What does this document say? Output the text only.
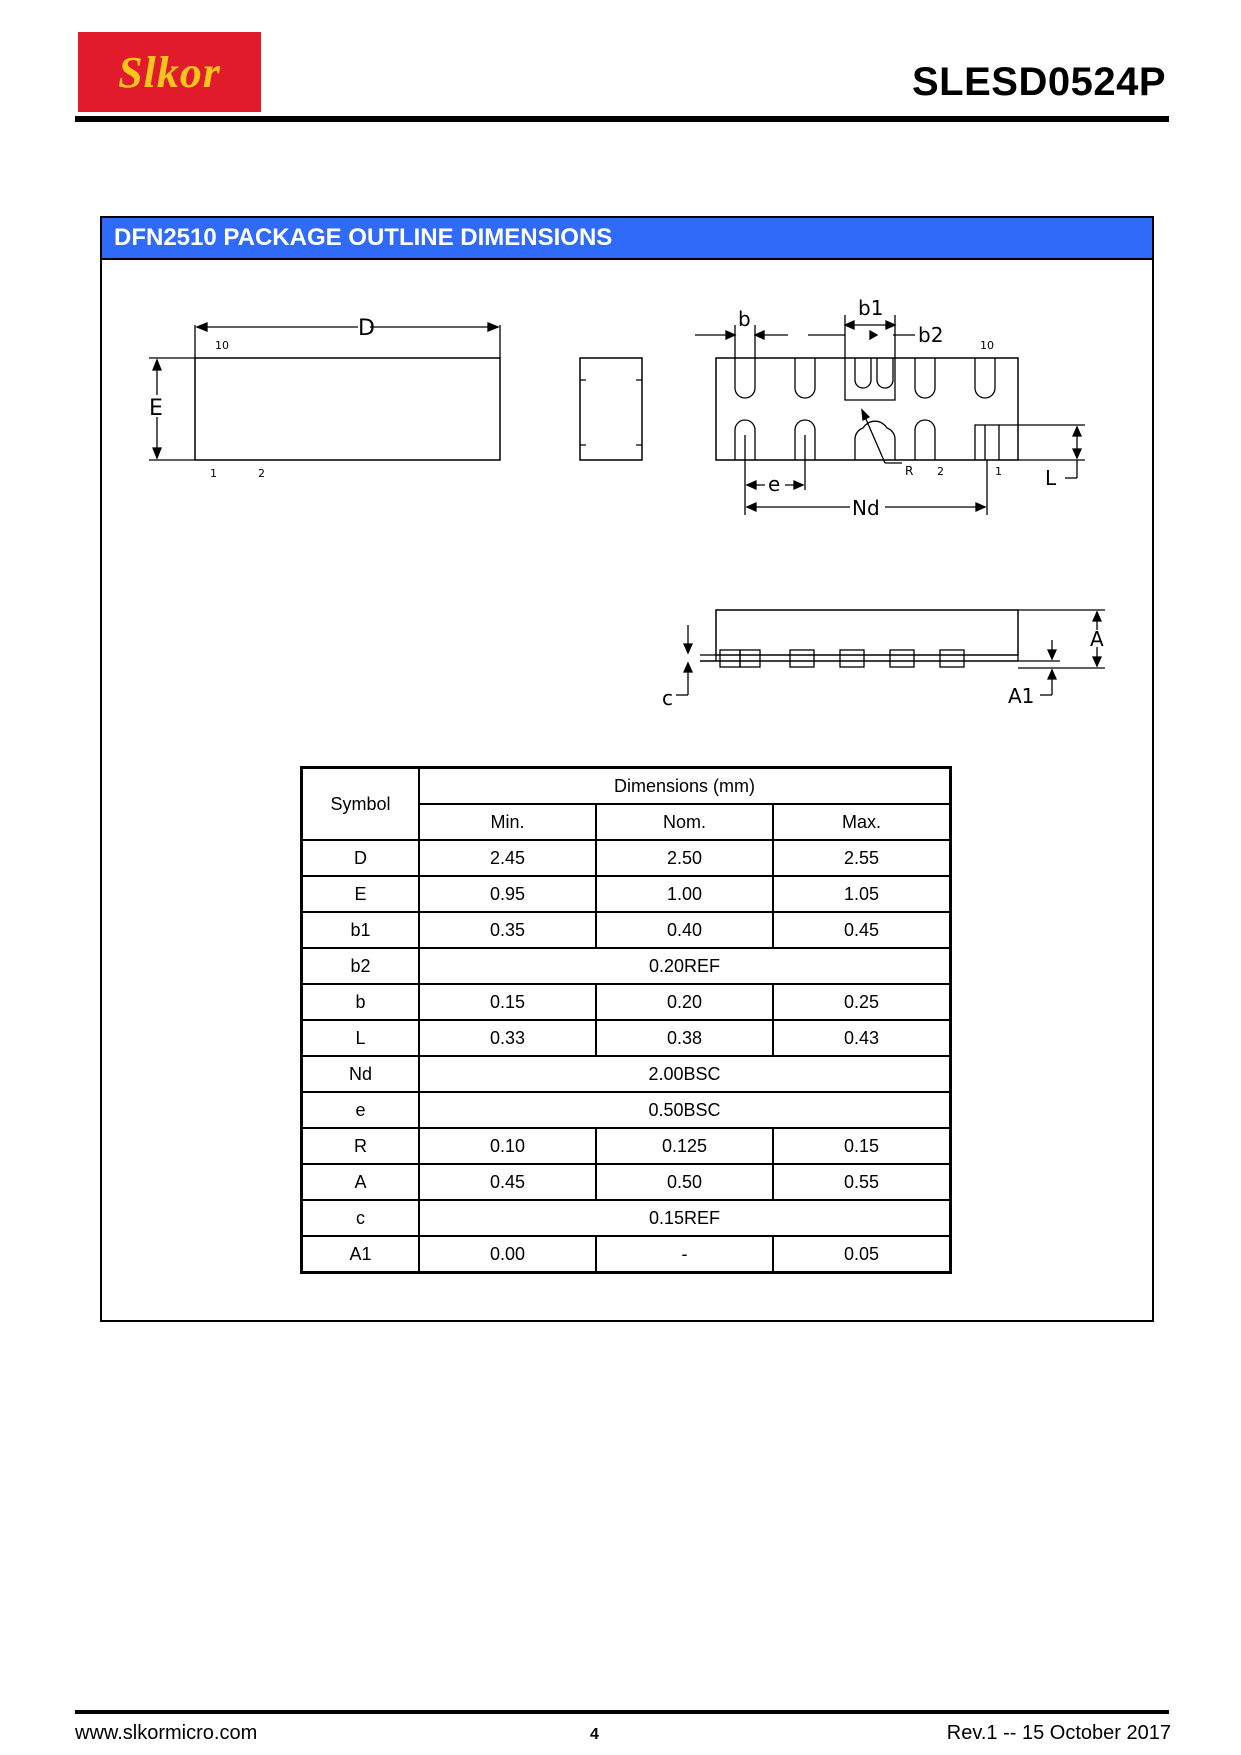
Slkor	SLESD0524P
DFN2510 PACKAGE OUTLINE DIMENSIONS
D
10
E
1	2
b	b1
b2	10
R 2	1 L
e
Nd
A
A1
c
Symbol	Dimensions (mm)		
	Min.	Nom.	Max.
D	2.45	2.50	2.55
E	0.95	1.00	1.05
b1	0.35	0.40	0.45
b2	0.20REF		
b	0.15	0.20	0.25
L	0.33	0.38	0.43
Nd	2.00BSC		
e	0.50BSC		
R	0.10	0.125	0.15
A	0.45	0.50	0.55
c	0.15REF		
A1	0.00	-	0.05
www.slkormicro.com	4	Rev.1 -- 15 October 2017
